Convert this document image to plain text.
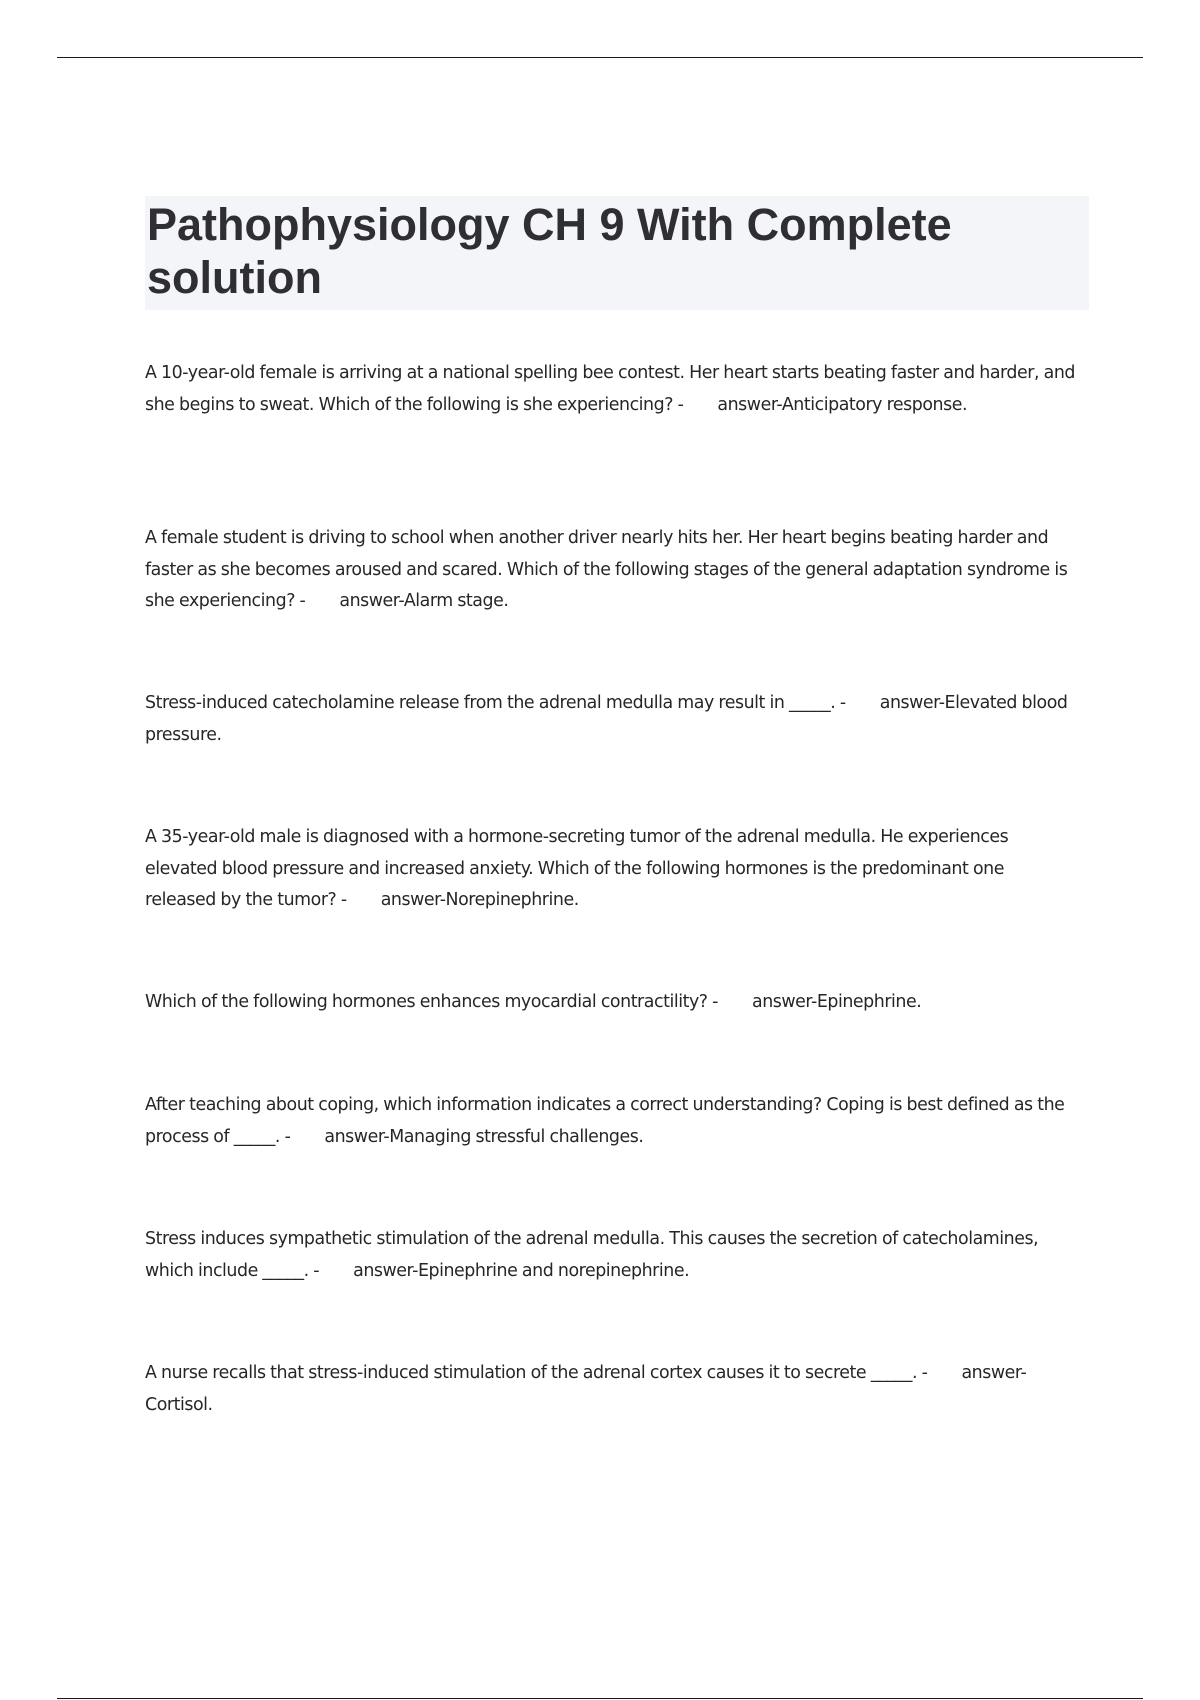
Pathophysiology CH 9 With Complete solution

A 10-year-old female is arriving at a national spelling bee contest. Her heart starts beating faster and harder, and she begins to sweat. Which of the following is she experiencing? - answer-Anticipatory response.

A female student is driving to school when another driver nearly hits her. Her heart begins beating harder and faster as she becomes aroused and scared. Which of the following stages of the general adaptation syndrome is she experiencing? - answer-Alarm stage.

Stress-induced catecholamine release from the adrenal medulla may result in _____. - answer-Elevated blood pressure.

A 35-year-old male is diagnosed with a hormone-secreting tumor of the adrenal medulla. He experiences elevated blood pressure and increased anxiety. Which of the following hormones is the predominant one released by the tumor? - answer-Norepinephrine.

Which of the following hormones enhances myocardial contractility? - answer-Epinephrine.

After teaching about coping, which information indicates a correct understanding? Coping is best defined as the process of _____. - answer-Managing stressful challenges.

Stress induces sympathetic stimulation of the adrenal medulla. This causes the secretion of catecholamines, which include _____. - answer-Epinephrine and norepinephrine.

A nurse recalls that stress-induced stimulation of the adrenal cortex causes it to secrete _____. - answer-Cortisol.
